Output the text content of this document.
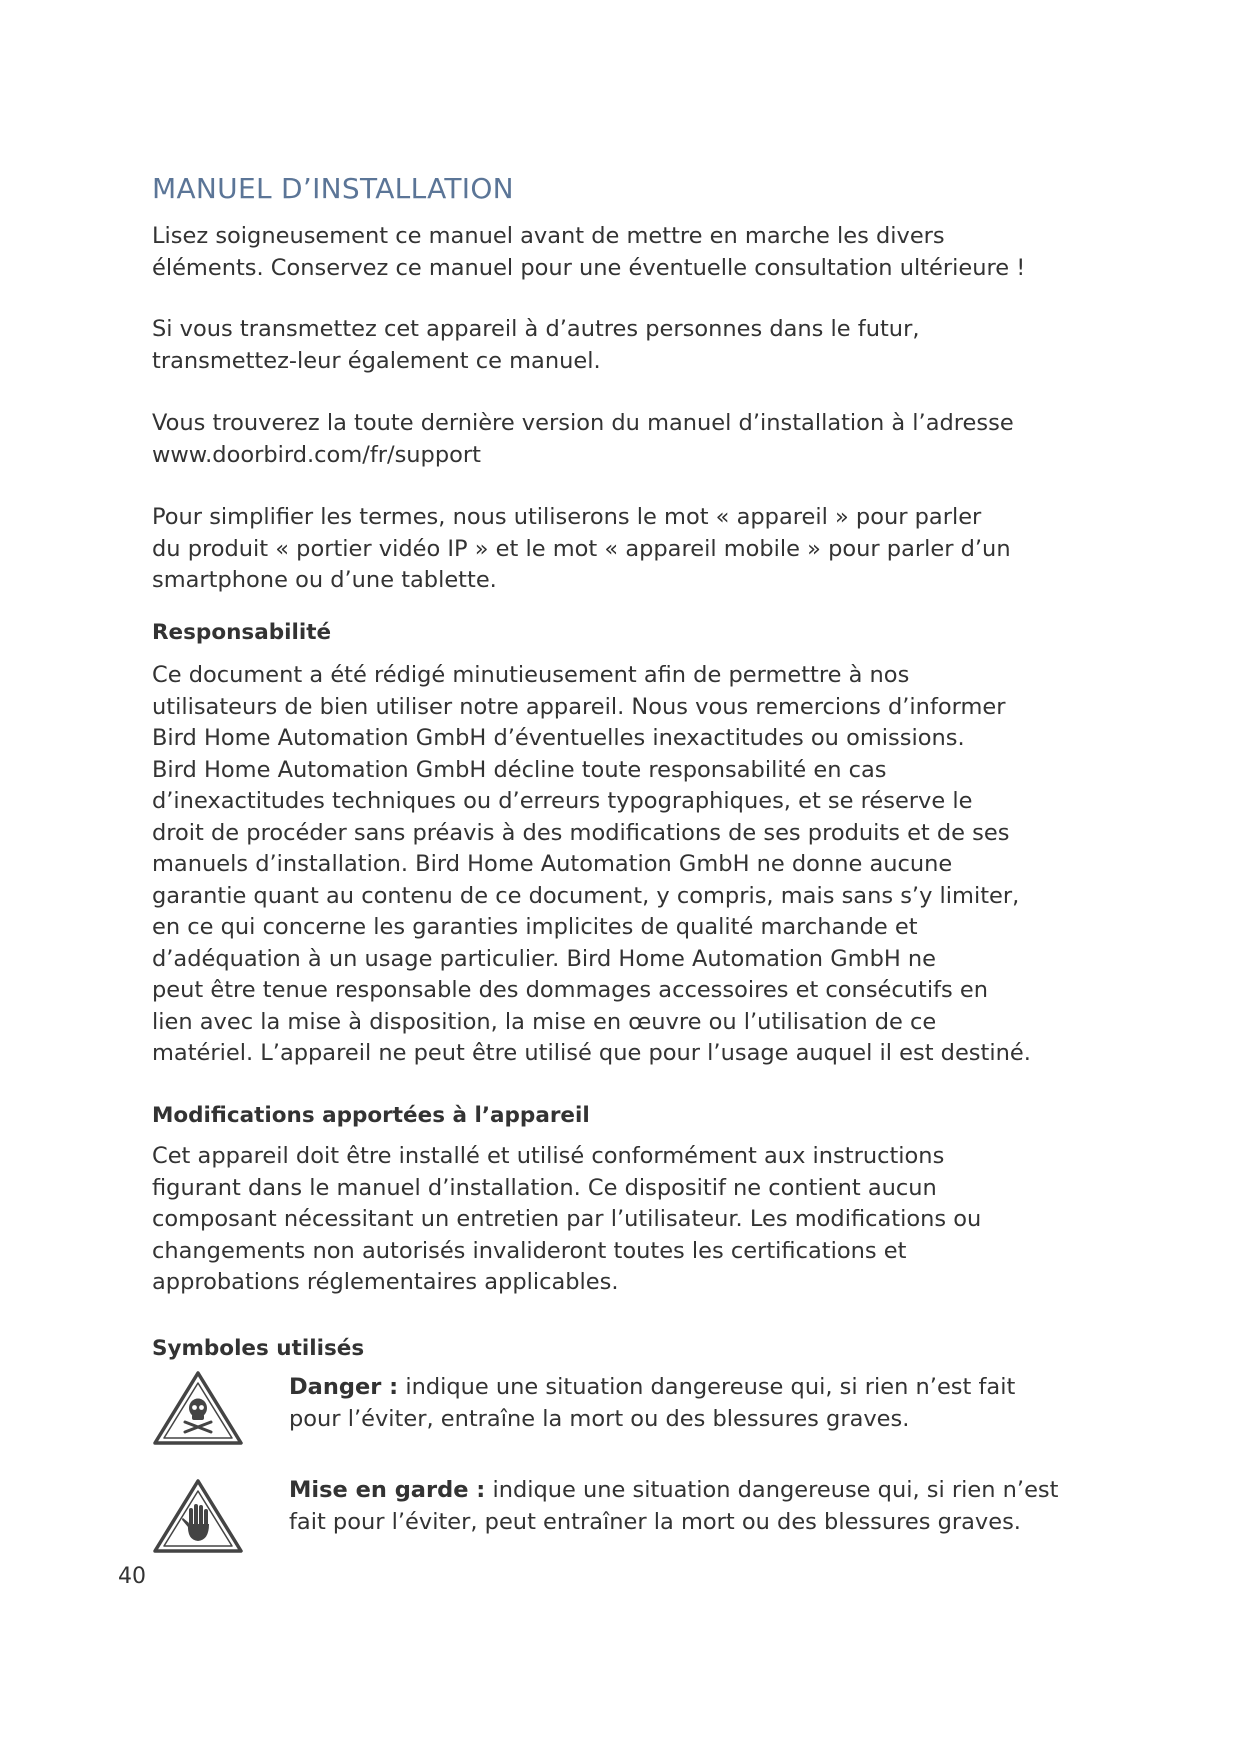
MANUEL D’INSTALLATION

Lisez soigneusement ce manuel avant de mettre en marche les divers
éléments. Conservez ce manuel pour une éventuelle consultation ultérieure !

Si vous transmettez cet appareil à d’autres personnes dans le futur,
transmettez-leur également ce manuel.

Vous trouverez la toute dernière version du manuel d’installation à l’adresse
www.doorbird.com/fr/support

Pour simplifier les termes, nous utiliserons le mot « appareil » pour parler
du produit « portier vidéo IP » et le mot « appareil mobile » pour parler d’un
smartphone ou d’une tablette.

Responsabilité

Ce document a été rédigé minutieusement afin de permettre à nos
utilisateurs de bien utiliser notre appareil. Nous vous remercions d’informer
Bird Home Automation GmbH d’éventuelles inexactitudes ou omissions.
Bird Home Automation GmbH décline toute responsabilité en cas
d’inexactitudes techniques ou d’erreurs typographiques, et se réserve le
droit de procéder sans préavis à des modifications de ses produits et de ses
manuels d’installation. Bird Home Automation GmbH ne donne aucune
garantie quant au contenu de ce document, y compris, mais sans s’y limiter,
en ce qui concerne les garanties implicites de qualité marchande et
d’adéquation à un usage particulier. Bird Home Automation GmbH ne
peut être tenue responsable des dommages accessoires et consécutifs en
lien avec la mise à disposition, la mise en œuvre ou l’utilisation de ce
matériel. L’appareil ne peut être utilisé que pour l’usage auquel il est destiné.

Modifications apportées à l’appareil

Cet appareil doit être installé et utilisé conformément aux instructions
figurant dans le manuel d’installation. Ce dispositif ne contient aucun
composant nécessitant un entretien par l’utilisateur. Les modifications ou
changements non autorisés invalideront toutes les certifications et
approbations réglementaires applicables.

Symboles utilisés

Danger : indique une situation dangereuse qui, si rien n’est fait
pour l’éviter, entraîne la mort ou des blessures graves.

Mise en garde : indique une situation dangereuse qui, si rien n’est
fait pour l’éviter, peut entraîner la mort ou des blessures graves.

40
